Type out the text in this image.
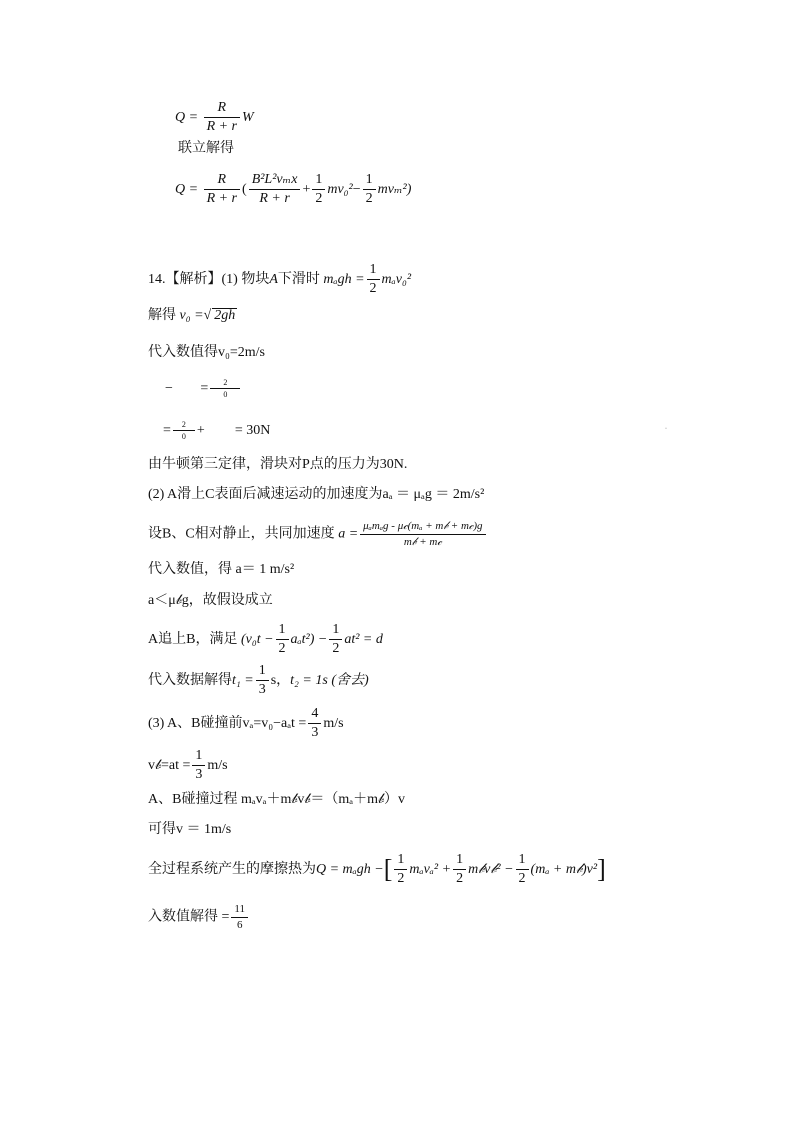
$Q = \frac{R}{R + r}$ W
联立解得
$Q = \frac{R}{R + r}$ ( $\frac{\text{B²L²vₘx}}{R + r} + \frac{1}{2} mv_0^2- \frac{1}{2} mv_m^2$)
14.【解析】(1) 物块A下滑时 $m_agh = \frac{1}{2} m_av_0^2$
解得 v₀ =√ 2gh
代入数值得v₀=2m/s
− = $\frac{2}{0}$
= $\frac{2}{0}$ + = 30N	·
由牛顿第三定律，滑块对P点的压力为30N.
(2) A滑上C表面后减速运动的加速度为aₐ ＝ μₐg ＝ 2m/s²
设B、C相对静止，共同加速度 $a = \frac{\text{μₐmₐg - μ𝒸(mₐ + m𝒷 + m𝒸)g}}{\text{m𝒷 + m𝒸}}$
代入数值，得 a＝ 1 m/s²
a＜μ𝒷g，故假设成立
A追上B，满足 $(v_0t - \frac{1}{2} a_at^2) - \frac{1}{2} at^2 = d$
代入数据解得$t_1 = \frac{1}{3}$ s，t₂ = 1s (舍去)
(3) A、B碰撞前$v_a=v_0-a_at = \frac{4}{3} m/s$
v𝒷=at = $\frac{1}{3} m/s$
A、B碰撞过程 mₐvₐ＋m𝒷v𝒷＝（mₐ＋m𝒷）v
可得v ＝ 1m/s
全过程系统产生的摩擦热为Q = mₐgh −[ $\frac{1}{2} m_av_a^2 + \frac{1}{2}$ m𝒷v𝒷² − $\frac{1}{2} (m_a$ + m𝒷)v²]
入数值解得 = $\frac{11}{6}$
